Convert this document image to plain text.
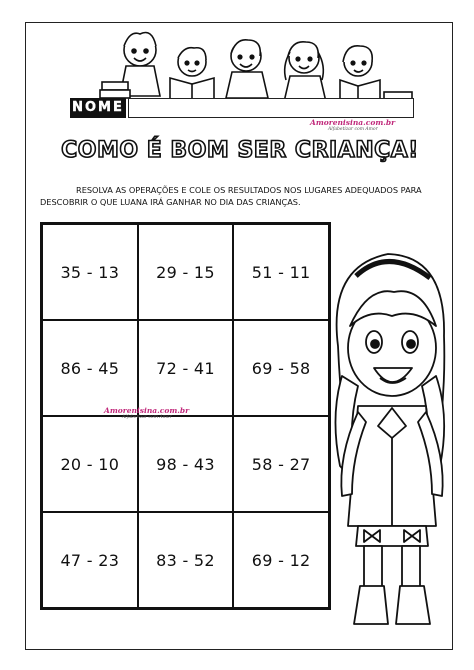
NOME
Amorenisina.com.br
Alfabetizar com Amor
COMO É BOM SER CRIANÇA!
RESOLVA AS OPERAÇÕES E COLE OS RESULTADOS NOS LUGARES ADEQUADOS PARA
DESCOBRIR O QUE LUANA IRÁ GANHAR NO DIA DAS CRIANÇAS.
35 - 13	29 - 15	51 - 11
86 - 45	72 - 41	69 - 58
20 - 10	98 - 43	58 - 27
47 - 23	83 - 52	69 - 12
Amorenisina.com.br
Alfabetizar com Amor
